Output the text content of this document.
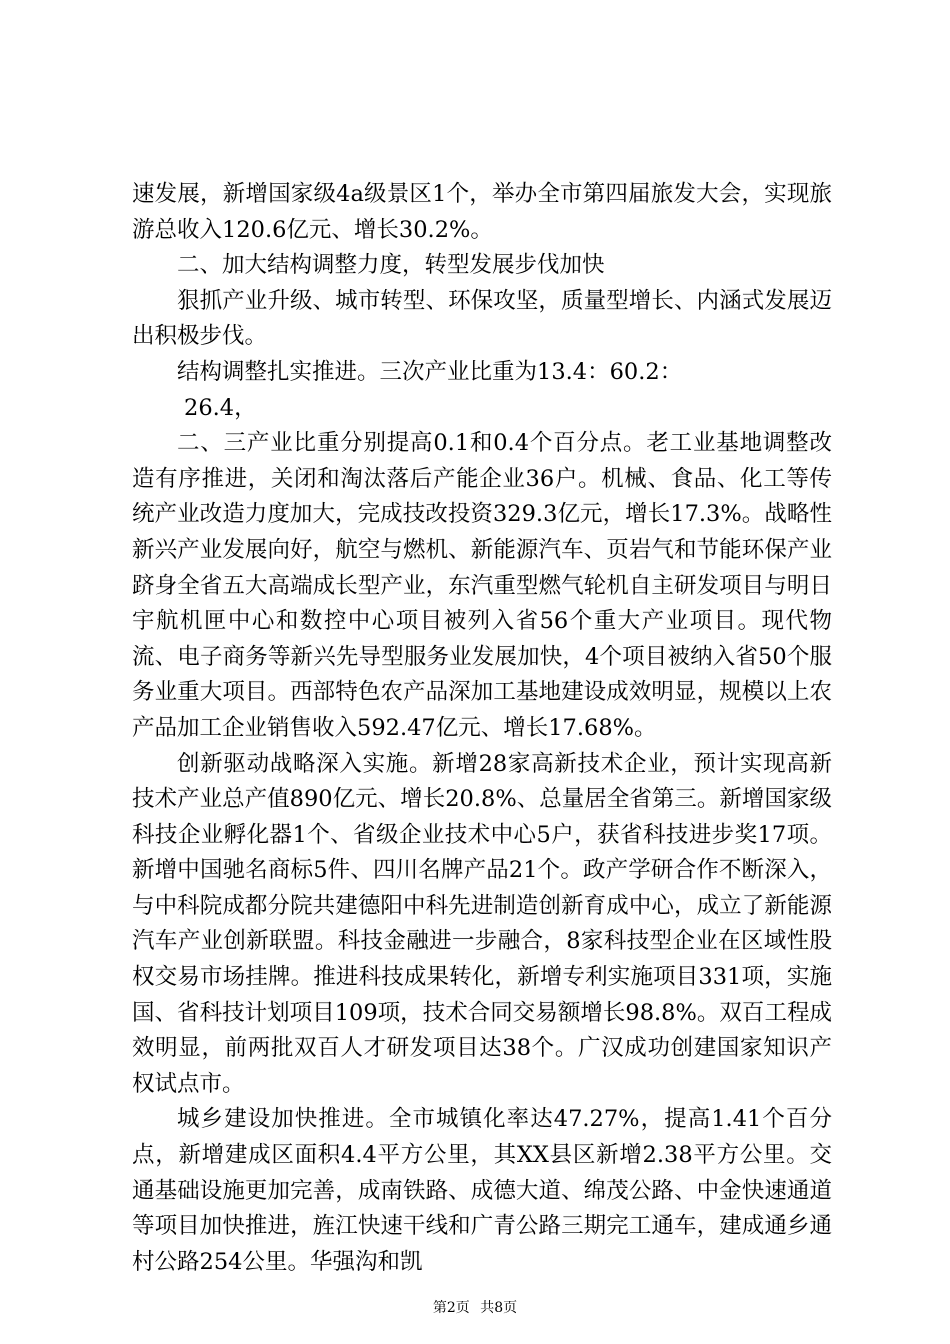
速发展，新增国家级4a级景区1个，举办全市第四届旅发大会，实现旅游总收入120.6亿元、增长30.2%。

二、加大结构调整力度，转型发展步伐加快

狠抓产业升级、城市转型、环保攻坚，质量型增长、内涵式发展迈出积极步伐。

结构调整扎实推进。三次产业比重为13.4：60.2：

26.4，

二、三产业比重分别提高0.1和0.4个百分点。老工业基地调整改造有序推进，关闭和淘汰落后产能企业36户。机械、食品、化工等传统产业改造力度加大，完成技改投资329.3亿元，增长17.3%。战略性新兴产业发展向好，航空与燃机、新能源汽车、页岩气和节能环保产业跻身全省五大高端成长型产业，东汽重型燃气轮机自主研发项目与明日宇航机匣中心和数控中心项目被列入省56个重大产业项目。现代物流、电子商务等新兴先导型服务业发展加快，4个项目被纳入省50个服务业重大项目。西部特色农产品深加工基地建设成效明显，规模以上农产品加工企业销售收入592.47亿元、增长17.68%。

创新驱动战略深入实施。新增28家高新技术企业，预计实现高新技术产业总产值890亿元、增长20.8%、总量居全省第三。新增国家级科技企业孵化器1个、省级企业技术中心5户，获省科技进步奖17项。新增中国驰名商标5件、四川名牌产品21个。政产学研合作不断深入，与中科院成都分院共建德阳中科先进制造创新育成中心，成立了新能源汽车产业创新联盟。科技金融进一步融合，8家科技型企业在区域性股权交易市场挂牌。推进科技成果转化，新增专利实施项目331项，实施国、省科技计划项目109项，技术合同交易额增长98.8%。双百工程成效明显，前两批双百人才研发项目达38个。广汉成功创建国家知识产权试点市。

城乡建设加快推进。全市城镇化率达47.27%，提高1.41个百分点，新增建成区面积4.4平方公里，其XX县区新增2.38平方公里。交通基础设施更加完善，成南铁路、成德大道、绵茂公路、中金快速通道等项目加快推进，旌江快速干线和广青公路三期完工通车，建成通乡通村公路254公里。华强沟和凯

第2页 共8页
